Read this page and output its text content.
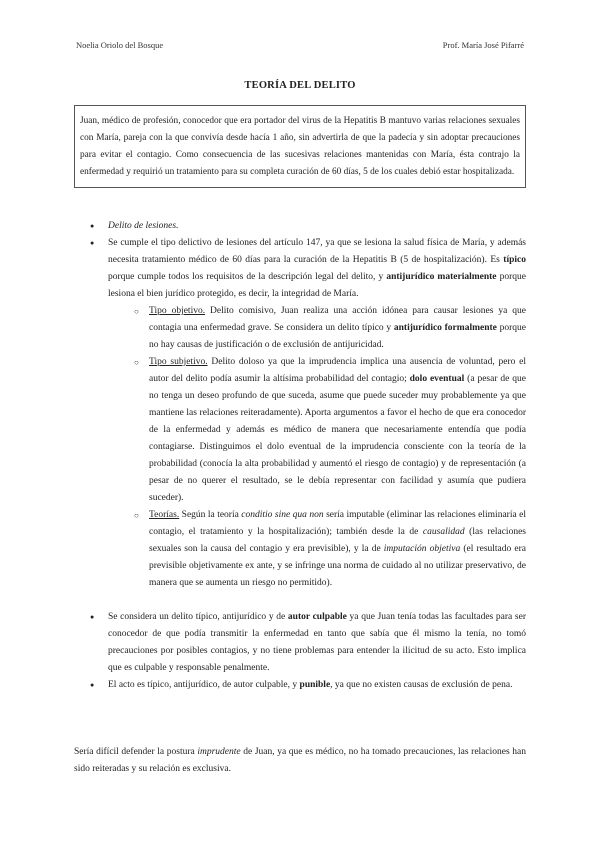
Noelia Oriolo del Bosque	Prof. María José Pifarré
TEORÍA DEL DELITO
Juan, médico de profesión, conocedor que era portador del virus de la Hepatitis B mantuvo varias relaciones sexuales con María, pareja con la que convivía desde hacía 1 año, sin advertirla de que la padecía y sin adoptar precauciones para evitar el contagio. Como consecuencia de las sucesivas relaciones mantenidas con María, ésta contrajo la enfermedad y requirió un tratamiento para su completa curación de 60 días, 5 de los cuales debió estar hospitalizada.
● Delito de lesiones.
● Se cumple el tipo delictivo de lesiones del artículo 147, ya que se lesiona la salud física de María, y además necesita tratamiento médico de 60 días para la curación de la Hepatitis B (5 de hospitalización). Es típico porque cumple todos los requisitos de la descripción legal del delito, y antijurídico materialmente porque lesiona el bien jurídico protegido, es decir, la integridad de María.
○ Tipo objetivo. Delito comisivo, Juan realiza una acción idónea para causar lesiones ya que contagia una enfermedad grave. Se considera un delito típico y antijurídico formalmente porque no hay causas de justificación o de exclusión de antijuricidad.
○ Tipo subjetivo. Delito doloso ya que la imprudencia implica una ausencia de voluntad, pero el autor del delito podía asumir la altísima probabilidad del contagio; dolo eventual (a pesar de que no tenga un deseo profundo de que suceda, asume que puede suceder muy probablemente ya que mantiene las relaciones reiteradamente). Aporta argumentos a favor el hecho de que era conocedor de la enfermedad y además es médico de manera que necesariamente entendía que podía contagiarse. Distinguimos el dolo eventual de la imprudencia consciente con la teoría de la probabilidad (conocía la alta probabilidad y aumentó el riesgo de contagio) y de representación (a pesar de no querer el resultado, se le debía representar con facilidad y asumía que pudiera suceder).
○ Teorías. Según la teoría conditio sine qua non sería imputable (eliminar las relaciones eliminaría el contagio, el tratamiento y la hospitalización); también desde la de causalidad (las relaciones sexuales son la causa del contagio y era previsible), y la de imputación objetiva (el resultado era previsible objetivamente ex ante, y se infringe una norma de cuidado al no utilizar preservativo, de manera que se aumenta un riesgo no permitido).
● Se considera un delito típico, antijurídico y de autor culpable ya que Juan tenía todas las facultades para ser conocedor de que podía transmitir la enfermedad en tanto que sabía que él mismo la tenía, no tomó precauciones por posibles contagios, y no tiene problemas para entender la ilicitud de su acto. Esto implica que es culpable y responsable penalmente.
● El acto es típico, antijurídico, de autor culpable, y punible, ya que no existen causas de exclusión de pena.

Sería difícil defender la postura imprudente de Juan, ya que es médico, no ha tomado precauciones, las relaciones han sido reiteradas y su relación es exclusiva.
